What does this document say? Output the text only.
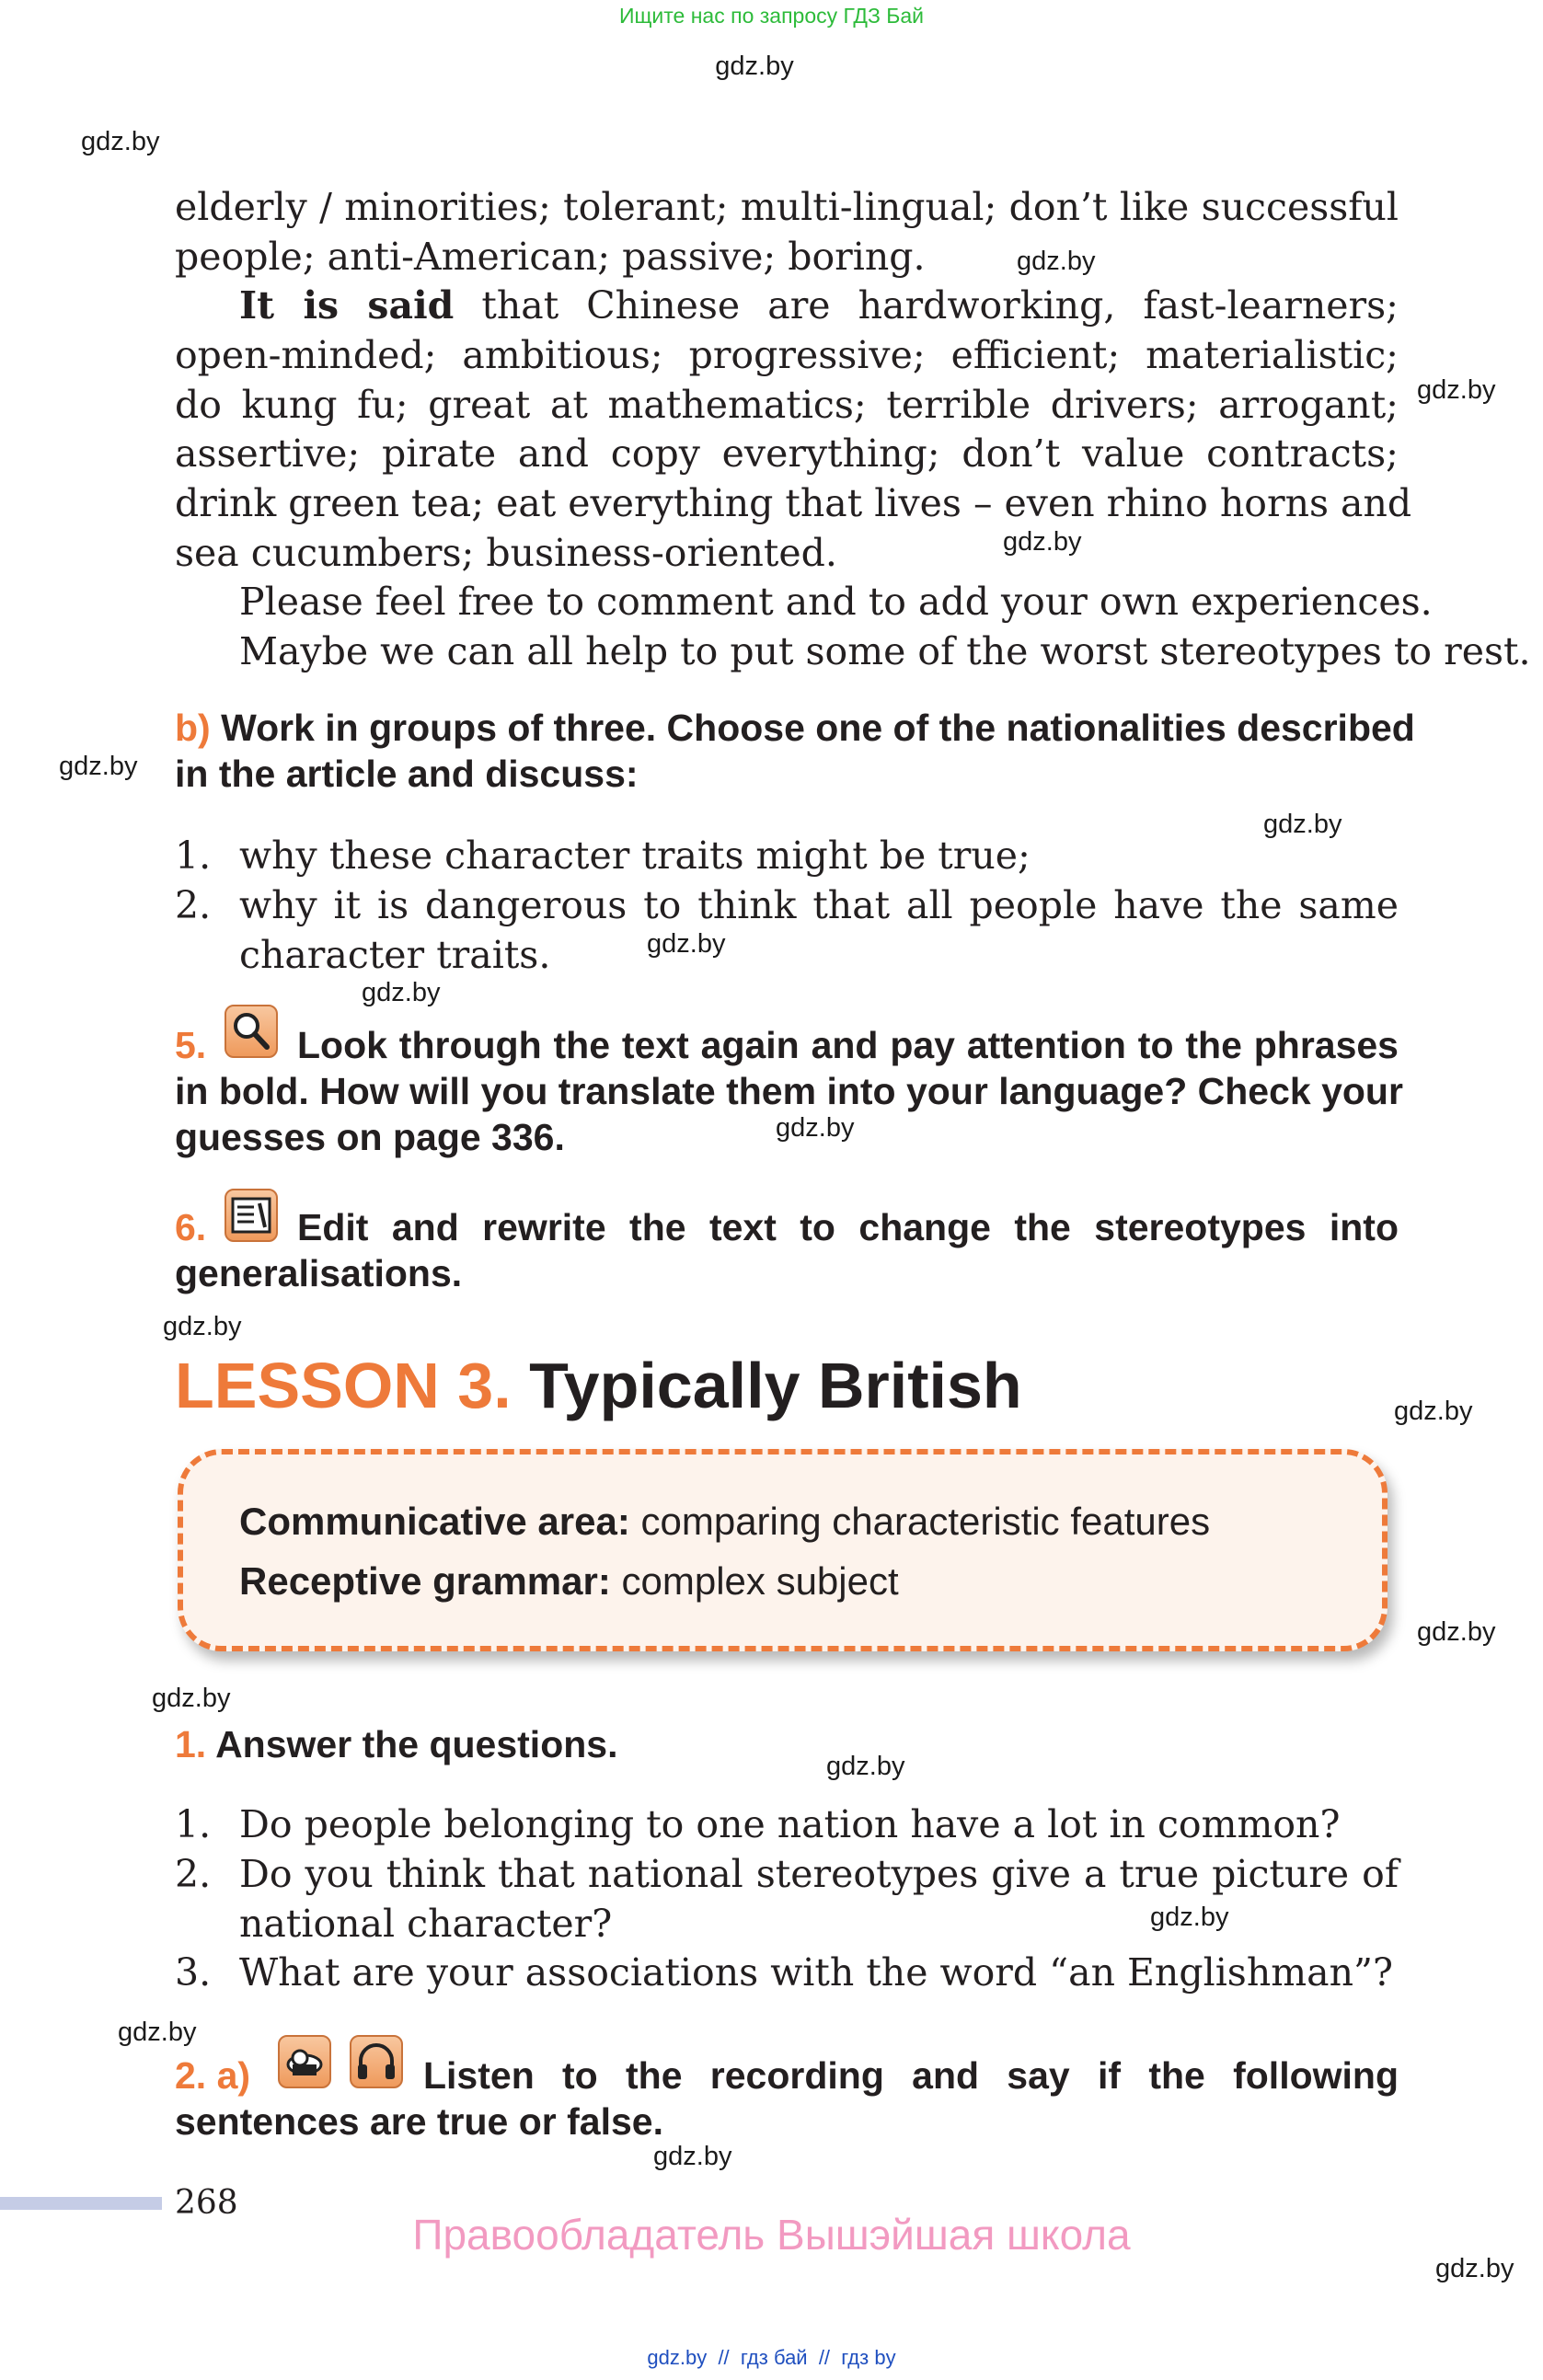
Ищите нас по запросу ГДЗ Бай
gdz.by
gdz.by
gdz.by
gdz.by
gdz.by
gdz.by
gdz.by
gdz.by
gdz.by
gdz.by
gdz.by
gdz.by
gdz.by
gdz.by
gdz.by
gdz.by
gdz.by
gdz.by
gdz.by
elderly / minorities; tolerant; multi-lingual; don’t like successful
people; anti-American; passive; boring.
It is said that Chinese are hardworking, fast-learners;
open-minded; ambitious; progressive; efficient; materialistic;
do kung fu; great at mathematics; terrible drivers; arrogant;
assertive; pirate and copy everything; don’t value contracts;
drink green tea; eat everything that lives – even rhino horns and
sea cucumbers; business-oriented.
Please feel free to comment and to add your own experiences.
Maybe we can all help to put some of the worst stereotypes to rest.
b) Work in groups of three. Choose one of the nationalities described
in the article and discuss:
1. why these character traits might be true;
2. why it is dangerous to think that all people have the same
character traits.
5. Look through the text again and pay attention to the phrases
in bold. How will you translate them into your language? Check your
guesses on page 336.
6. Edit and rewrite the text to change the stereotypes into
generalisations.
LESSON 3. Typically British
Communicative area: comparing characteristic features
Receptive grammar: complex subject
1. Answer the questions.
1. Do people belonging to one nation have a lot in common?
2. Do you think that national stereotypes give a true picture of
national character?
3. What are your associations with the word “an Englishman”?
2. a)	Listen to the recording and say if the following
sentences are true or false.
268
Правообладатель Вышэйшая школа
gdz.by  //  гдз бай  //  гдз by
